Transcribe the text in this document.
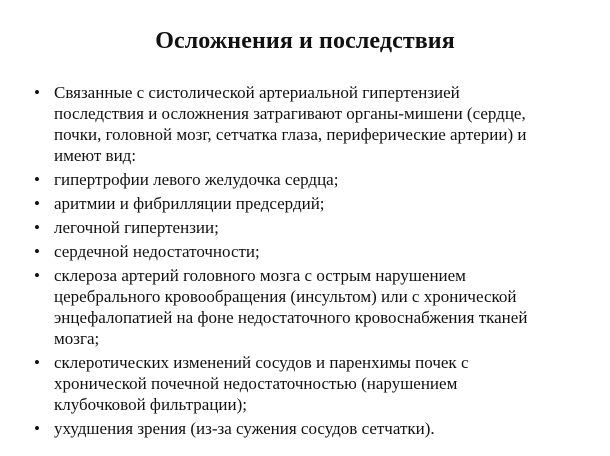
Осложнения и последствия
• Связанные с систолической артериальной гипертензией
последствия и осложнения затрагивают органы-мишени (сердце,
почки, головной мозг, сетчатка глаза, периферические артерии) и
имеют вид:
• гипертрофии левого желудочка сердца;
• аритмии и фибрилляции предсердий;
• легочной гипертензии;
• сердечной недостаточности;
• склероза артерий головного мозга с острым нарушением
церебрального кровообращения (инсультом) или с хронической
энцефалопатией на фоне недостаточного кровоснабжения тканей
мозга;
• склеротических изменений сосудов и паренхимы почек с
хронической почечной недостаточностью (нарушением
клубочковой фильтрации);
• ухудшения зрения (из-за сужения сосудов сетчатки).
